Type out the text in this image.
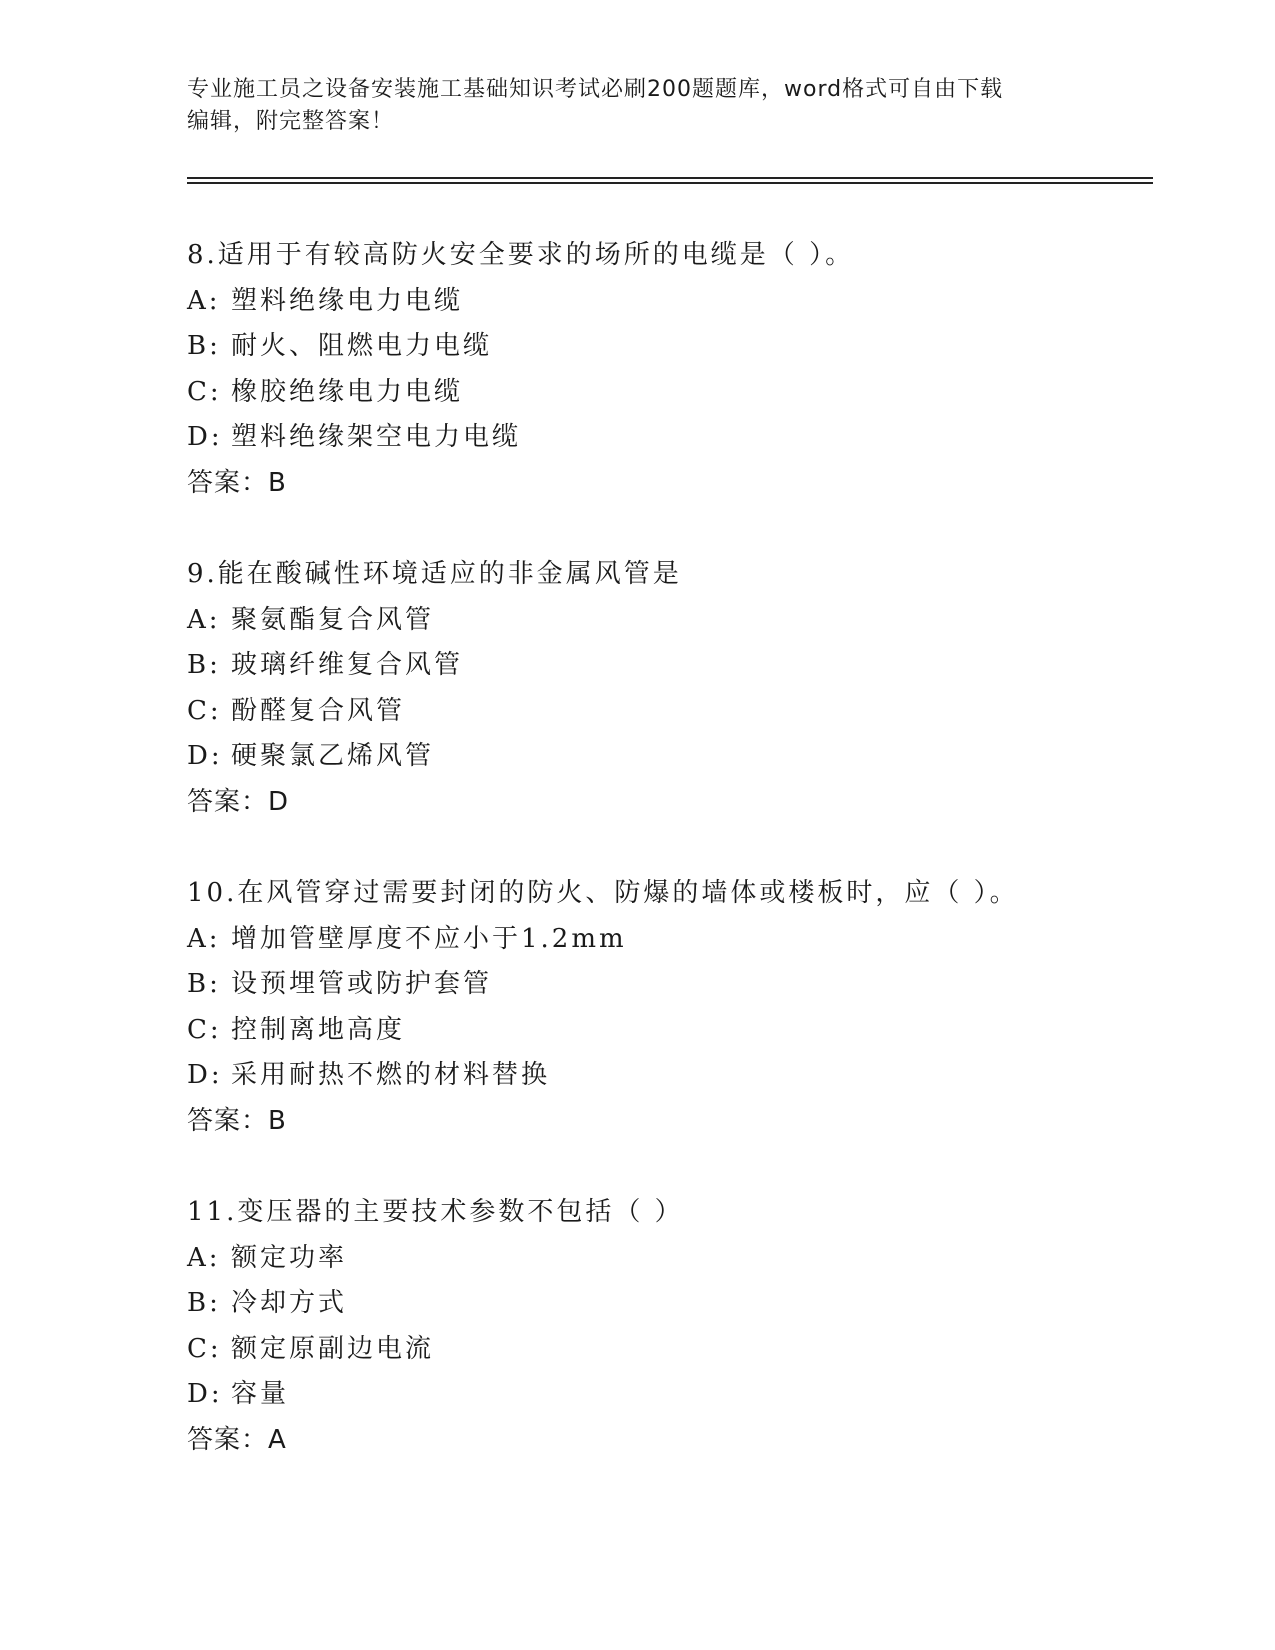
专业施工员之设备安装施工基础知识考试必刷200题题库，word格式可自由下载
编辑，附完整答案！
8.适用于有较高防火安全要求的场所的电缆是（ ）。
A: 塑料绝缘电力电缆
B: 耐火、阻燃电力电缆
C: 橡胶绝缘电力电缆
D: 塑料绝缘架空电力电缆
答案：B
9.能在酸碱性环境适应的非金属风管是
A: 聚氨酯复合风管
B: 玻璃纤维复合风管
C: 酚醛复合风管
D: 硬聚氯乙烯风管
答案：D
10.在风管穿过需要封闭的防火、防爆的墙体或楼板时，应（ ）。
A: 增加管壁厚度不应小于1.2mm
B: 设预埋管或防护套管
C: 控制离地高度
D: 采用耐热不燃的材料替换
答案：B
11.变压器的主要技术参数不包括（ ）
A: 额定功率
B: 冷却方式
C: 额定原副边电流
D: 容量
答案：A
